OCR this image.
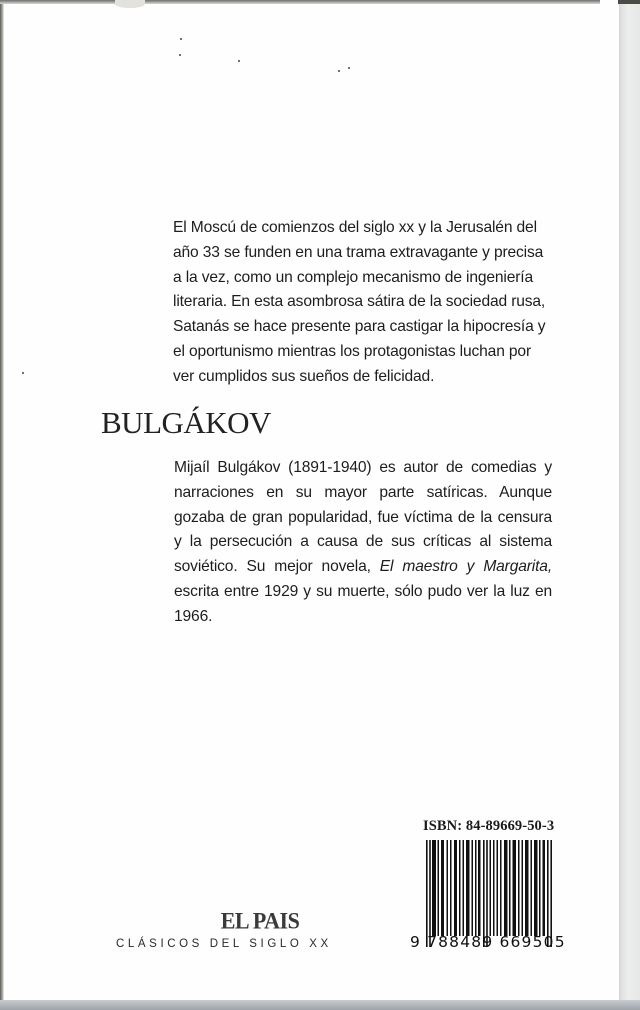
El Moscú de comienzos del siglo xx y la Jerusalén del año 33 se funden en una trama extravagante y precisa a la vez, como un complejo mecanismo de ingeniería literaria. En esta asombrosa sátira de la sociedad rusa, Satanás se hace presente para castigar la hipocresía y el oportunismo mientras los protagonistas luchan por ver cumplidos sus sueños de felicidad.

BULGÁKOV

Mijaíl Bulgákov (1891-1940) es autor de comedias y narraciones en su mayor parte satíricas. Aunque gozaba de gran popularidad, fue víctima de la censura y la persecución a causa de sus críticas al sistema soviético. Su mejor novela, El maestro y Margarita, escrita entre 1929 y su muerte, sólo pudo ver la luz en 1966.

ISBN: 84-89669-50-3
9 788489 669505
EL PAIS
CLÁSICOS DEL SIGLO XX
